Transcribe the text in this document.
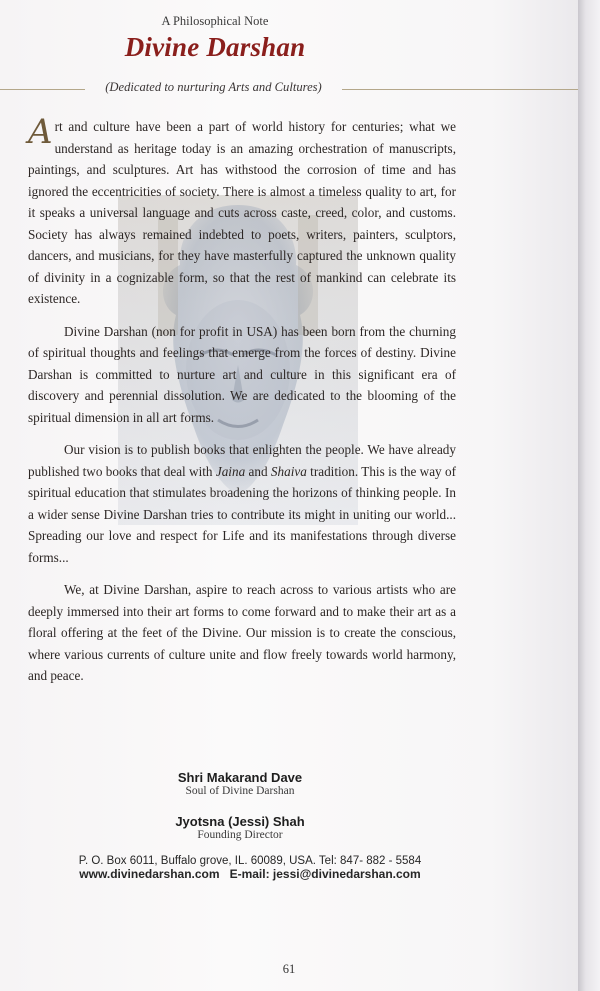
A Philosophical Note
Divine Darshan
(Dedicated to nurturing Arts and Cultures)

Art and culture have been a part of world history for centuries; what we understand as heritage today is an amazing orchestration of manuscripts, paintings, and sculptures. Art has withstood the corrosion of time and has ignored the eccentricities of society. There is almost a timeless quality to art, for it speaks a universal language and cuts across caste, creed, color, and customs. Society has always remained indebted to poets, writers, painters, sculptors, dancers, and musicians, for they have masterfully captured the unknown quality of divinity in a cognizable form, so that the rest of mankind can celebrate its existence.

Divine Darshan (non for profit in USA) has been born from the churning of spiritual thoughts and feelings that emerge from the forces of destiny. Divine Darshan is committed to nurture art and culture in this significant era of discovery and perennial dissolution. We are dedicated to the blooming of the spiritual dimension in all art forms.

Our vision is to publish books that enlighten the people. We have already published two books that deal with Jaina and Shaiva tradition. This is the way of spiritual education that stimulates broadening the horizons of thinking people. In a wider sense Divine Darshan tries to contribute its might in uniting our world... Spreading our love and respect for Life and its manifestations through diverse forms...

We, at Divine Darshan, aspire to reach across to various artists who are deeply immersed into their art forms to come forward and to make their art as a floral offering at the feet of the Divine. Our mission is to create the conscious, where various currents of culture unite and flow freely towards world harmony, and peace.

Shri Makarand Dave
Soul of Divine Darshan
Jyotsna (Jessi) Shah
Founding Director
P. O. Box 6011, Buffalo grove, IL. 60089, USA. Tel: 847- 882 - 5584
www.divinedarshan.com E-mail: jessi@divinedarshan.com
61
